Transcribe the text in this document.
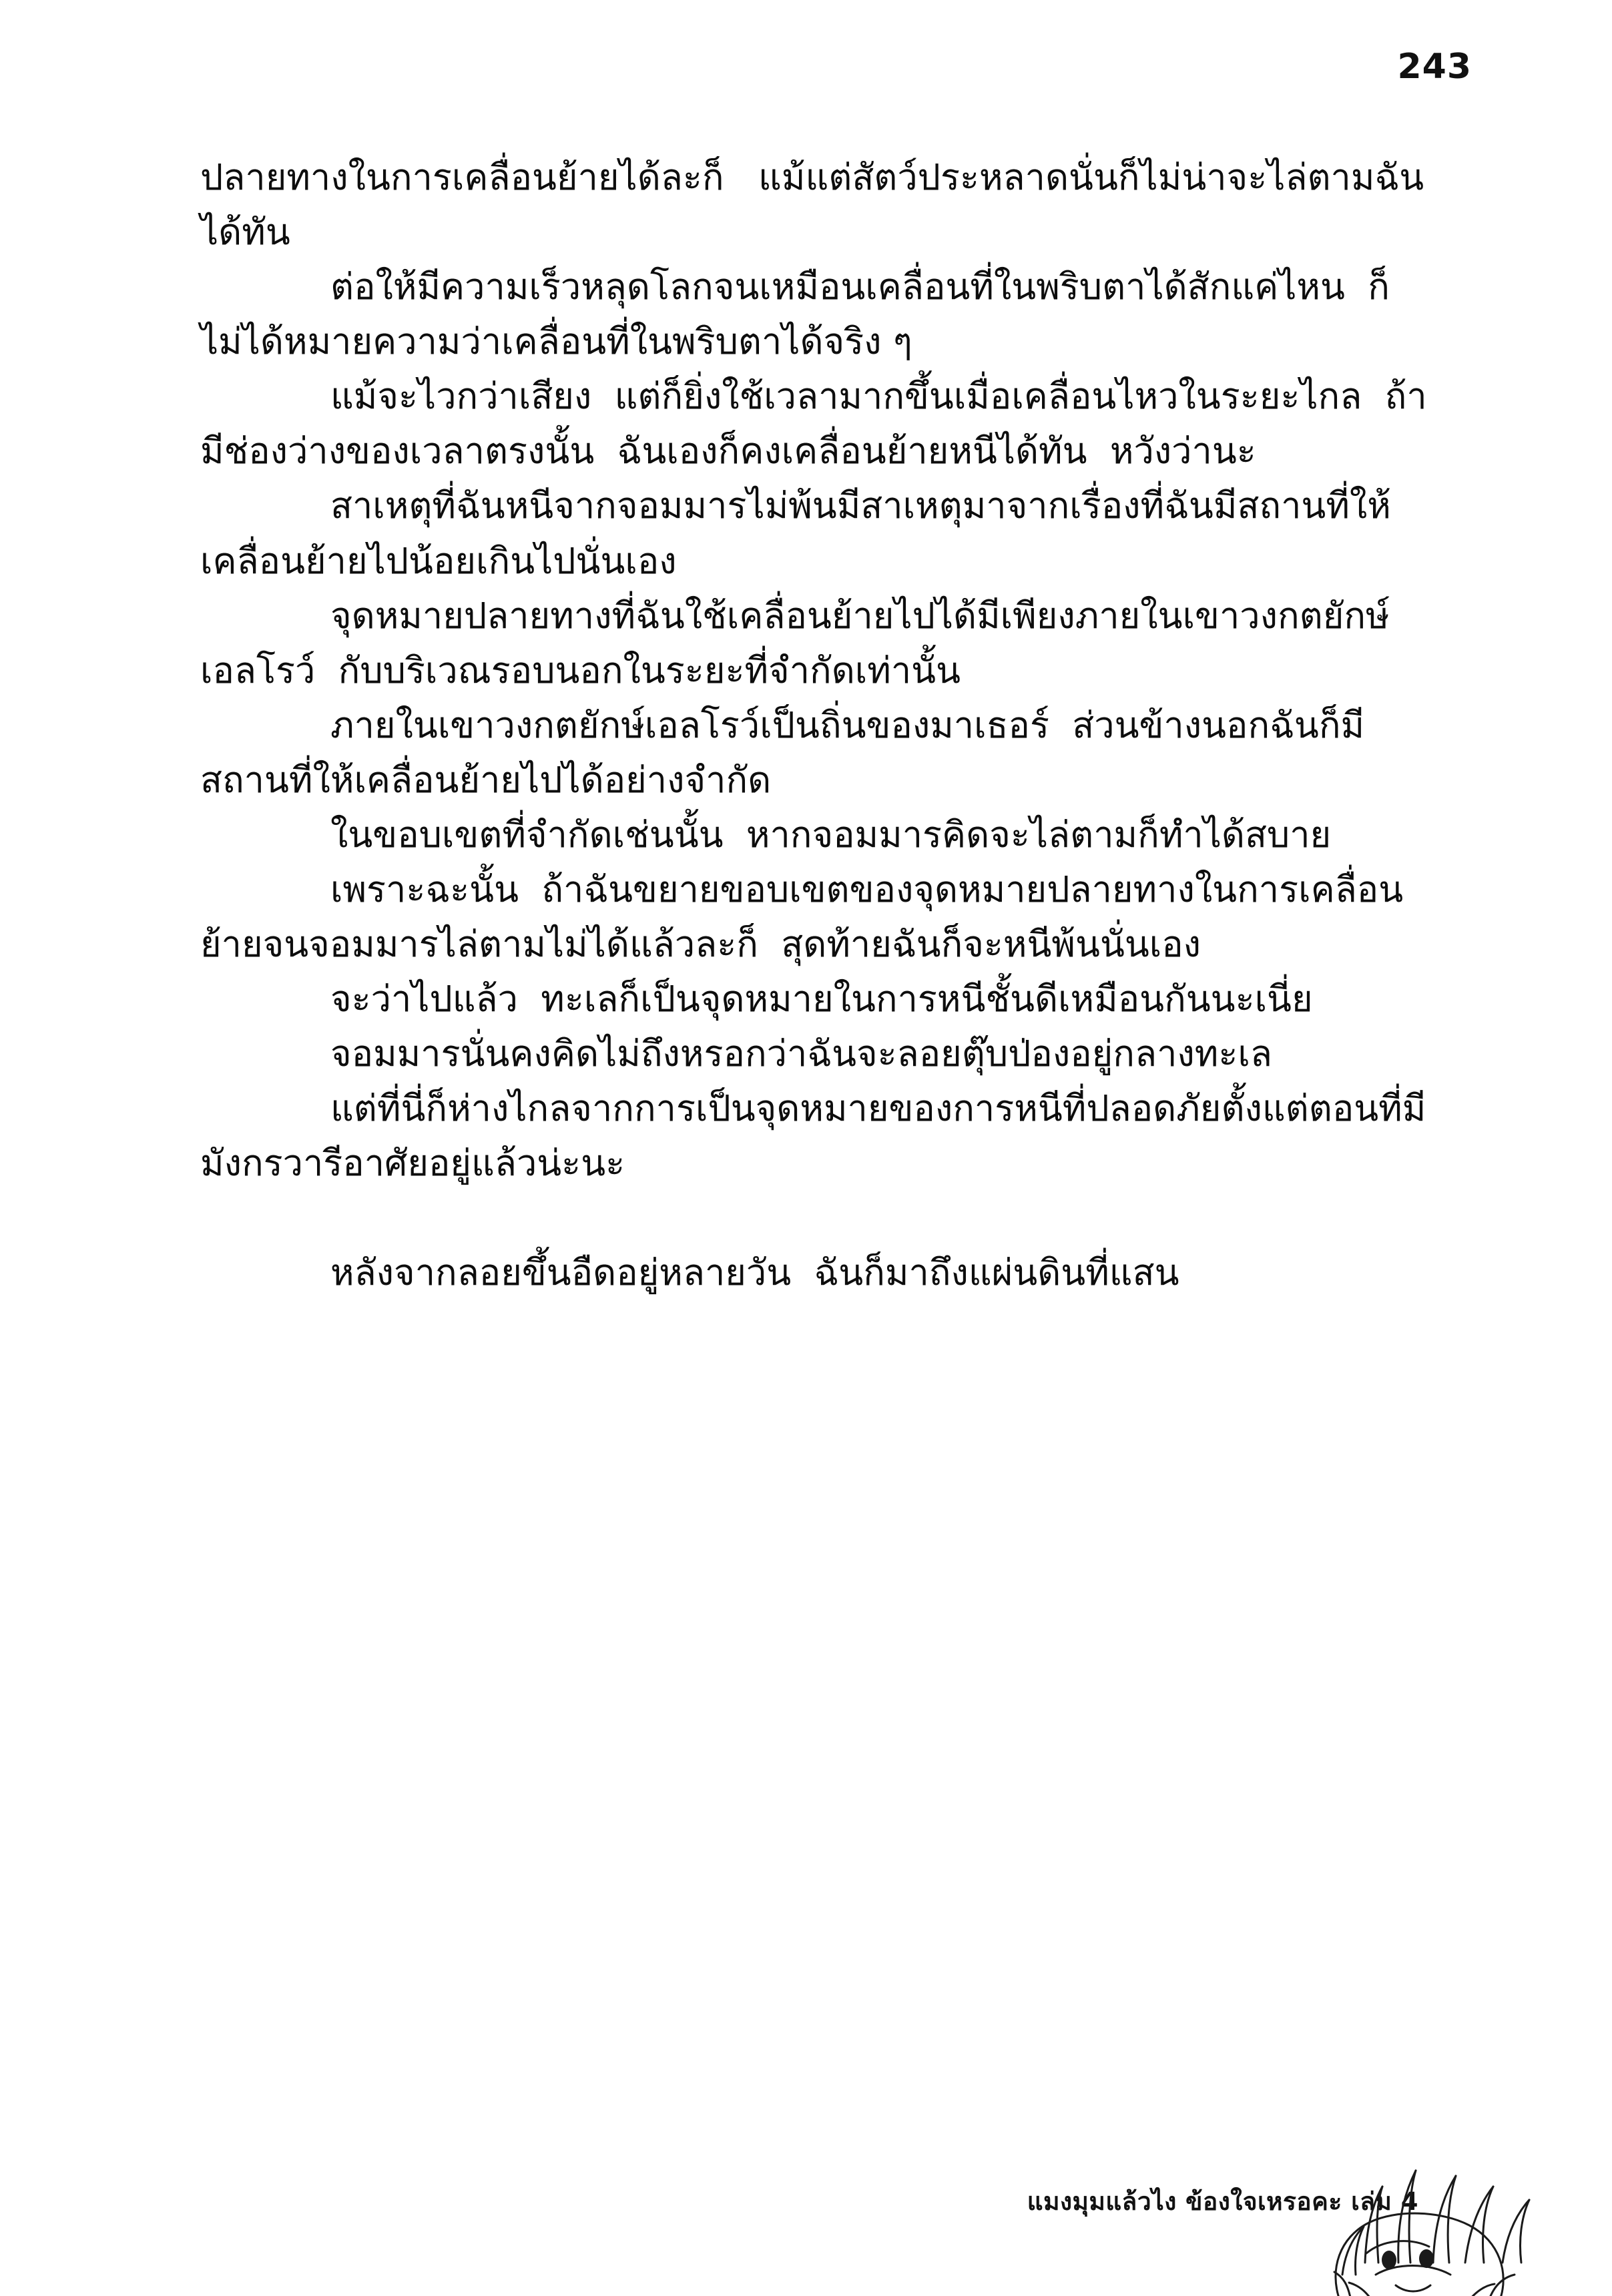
243

ปลายทางในการเคลื่อนย้ายได้ละก็   แม้แต่สัตว์ประหลาดนั่นก็ไม่น่าจะไล่ตามฉันได้ทัน

ต่อให้มีความเร็วหลุดโลกจนเหมือนเคลื่อนที่ในพริบตาได้สักแค่ไหน  ก็ไม่ได้หมายความว่าเคลื่อนที่ในพริบตาได้จริง ๆ

แม้จะไวกว่าเสียง  แต่ก็ยิ่งใช้เวลามากขึ้นเมื่อเคลื่อนไหวในระยะไกล  ถ้ามีช่องว่างของเวลาตรงนั้น  ฉันเองก็คงเคลื่อนย้ายหนีได้ทัน  หวังว่านะ

สาเหตุที่ฉันหนีจากจอมมารไม่พ้นมีสาเหตุมาจากเรื่องที่ฉันมีสถานที่ให้เคลื่อนย้ายไปน้อยเกินไปนั่นเอง

จุดหมายปลายทางที่ฉันใช้เคลื่อนย้ายไปได้มีเพียงภายในเขาวงกตยักษ์เอลโรว์  กับบริเวณรอบนอกในระยะที่จำกัดเท่านั้น

ภายในเขาวงกตยักษ์เอลโรว์เป็นถิ่นของมาเธอร์  ส่วนข้างนอกฉันก็มีสถานที่ให้เคลื่อนย้ายไปได้อย่างจำกัด

ในขอบเขตที่จำกัดเช่นนั้น  หากจอมมารคิดจะไล่ตามก็ทำได้สบาย

เพราะฉะนั้น  ถ้าฉันขยายขอบเขตของจุดหมายปลายทางในการเคลื่อนย้ายจนจอมมารไล่ตามไม่ได้แล้วละก็  สุดท้ายฉันก็จะหนีพ้นนั่นเอง

จะว่าไปแล้ว  ทะเลก็เป็นจุดหมายในการหนีชั้นดีเหมือนกันนะเนี่ย

จอมมารนั่นคงคิดไม่ถึงหรอกว่าฉันจะลอยตุ๊บป่องอยู่กลางทะเล

แต่ที่นี่ก็ห่างไกลจากการเป็นจุดหมายของการหนีที่ปลอดภัยตั้งแต่ตอนที่มีมังกรวารีอาศัยอยู่แล้วน่ะนะ

หลังจากลอยขึ้นอืดอยู่หลายวัน  ฉันก็มาถึงแผ่นดินที่แสน

แมงมุมแล้วไง ข้องใจเหรอคะ เล่ม 4
